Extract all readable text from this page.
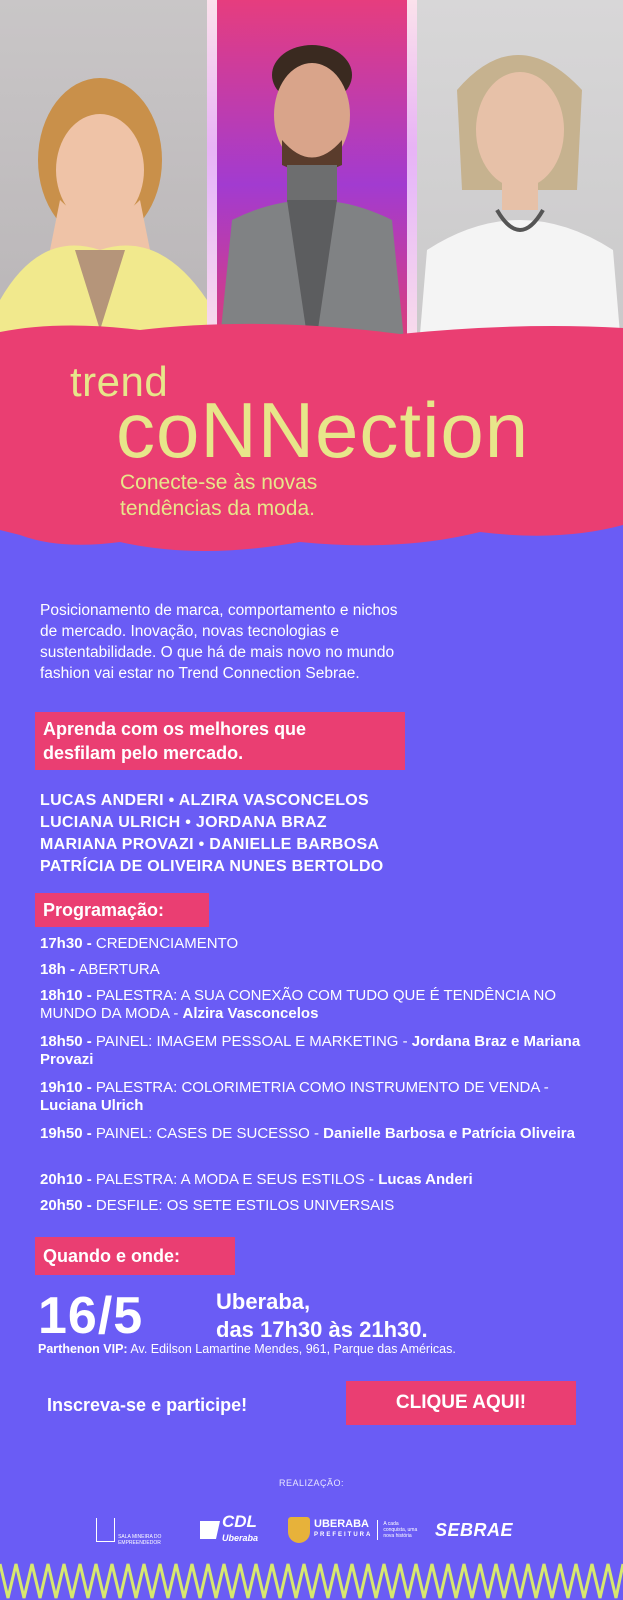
trend
coNNection
Conecte-se às novas
tendências da moda.
Posicionamento de marca, comportamento e nichos
de mercado. Inovação, novas tecnologias e
sustentabilidade. O que há de mais novo no mundo
fashion vai estar no Trend Connection Sebrae.
Aprenda com os melhores que
desfilam pelo mercado.
LUCAS ANDERI • ALZIRA VASCONCELOS
LUCIANA ULRICH • JORDANA BRAZ
MARIANA PROVAZI • DANIELLE BARBOSA
PATRÍCIA DE OLIVEIRA NUNES BERTOLDO
Programação:
17h30 - CREDENCIAMENTO
18h - ABERTURA
18h10 - PALESTRA: A SUA CONEXÃO COM TUDO QUE É TENDÊNCIA NO MUNDO DA MODA - Alzira Vasconcelos
18h50 - PAINEL: IMAGEM PESSOAL E MARKETING - Jordana Braz e Mariana Provazi
19h10 - PALESTRA: COLORIMETRIA COMO INSTRUMENTO DE VENDA - Luciana Ulrich
19h50 - PAINEL: CASES DE SUCESSO - Danielle Barbosa e Patrícia Oliveira
20h10 - PALESTRA: A MODA E SEUS ESTILOS - Lucas Anderi
20h50 - DESFILE: OS SETE ESTILOS UNIVERSAIS
Quando e onde:
16/5	Uberaba,
das 17h30 às 21h30.
Parthenon VIP: Av. Edilson Lamartine Mendes, 961, Parque das Américas.
Inscreva-se e participe!	CLIQUE AQUI!
REALIZAÇÃO:
SALA MINEIRA DO EMPREENDEDOR
CDL
Uberaba
UBERABA
PREFEITURA
A cada conquista, uma nova história	SEBRAE
